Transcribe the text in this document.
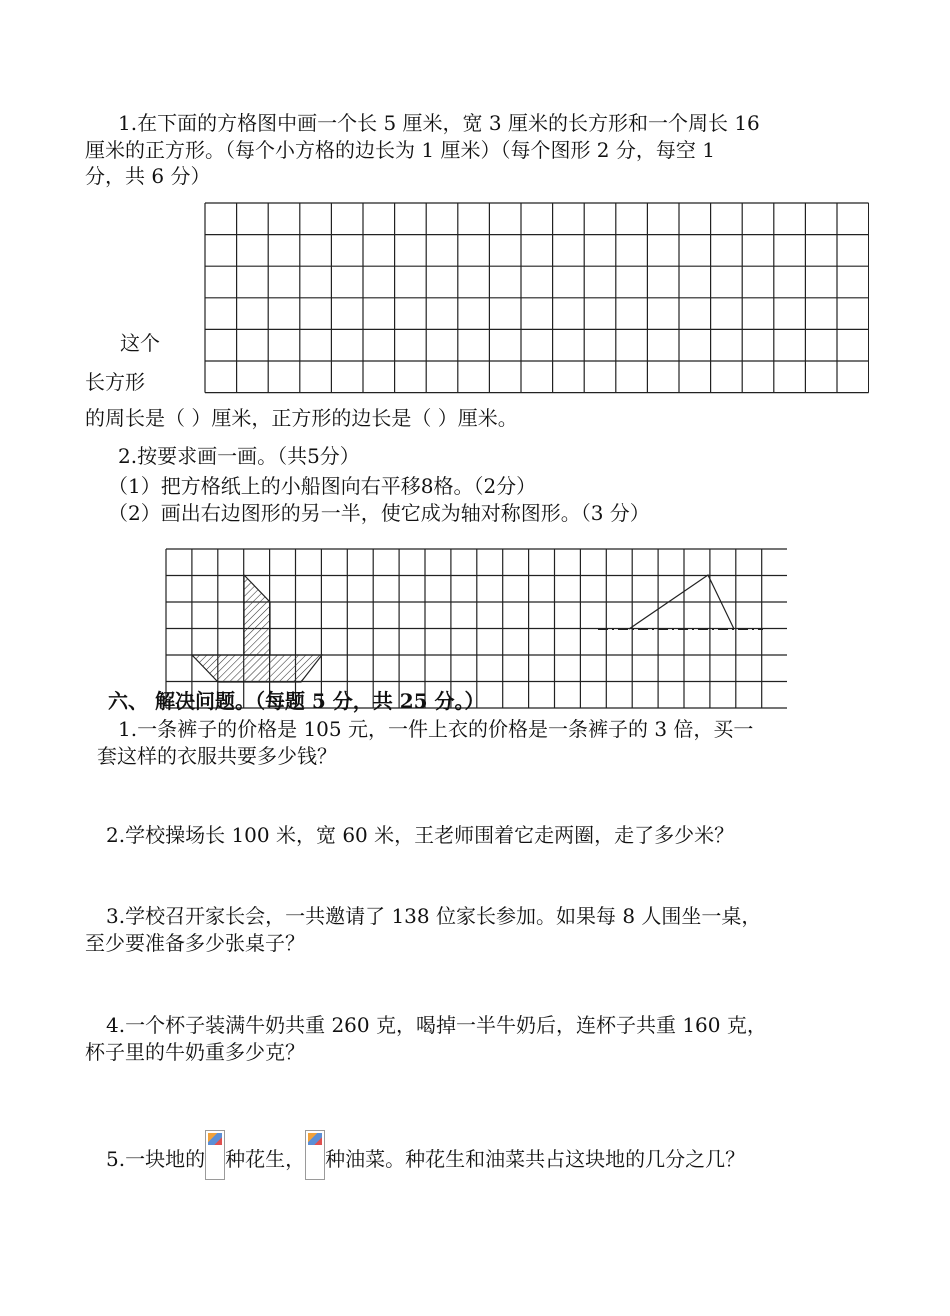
1.在下面的方格图中画一个长 5 厘米，宽 3 厘米的长方形和一个周长 16
厘米的正方形。（每个小方格的边长为 1 厘米）（每个图形 2 分，每空 1
分，共 6 分）
这个
长方形
的周长是（ ）厘米，正方形的边长是（ ）厘米。
2.按要求画一画。（共5分）
（1）把方格纸上的小船图向右平移8格。（2分）
（2）画出右边图形的另一半，使它成为轴对称图形。（3 分）
六、 解决问题。（每题 5 分，共 25 分。）
1.一条裤子的价格是 105 元，一件上衣的价格是一条裤子的 3 倍，买一
套这样的衣服共要多少钱？
2.学校操场长 100 米，宽 60 米，王老师围着它走两圈，走了多少米？
3.学校召开家长会，一共邀请了 138 位家长参加。如果每 8 人围坐一桌，
至少要准备多少张桌子？
4.一个杯子装满牛奶共重 260 克，喝掉一半牛奶后，连杯子共重 160 克，
杯子里的牛奶重多少克？
5.一块地的 种花生， 种油菜。种花生和油菜共占这块地的几分之几？
